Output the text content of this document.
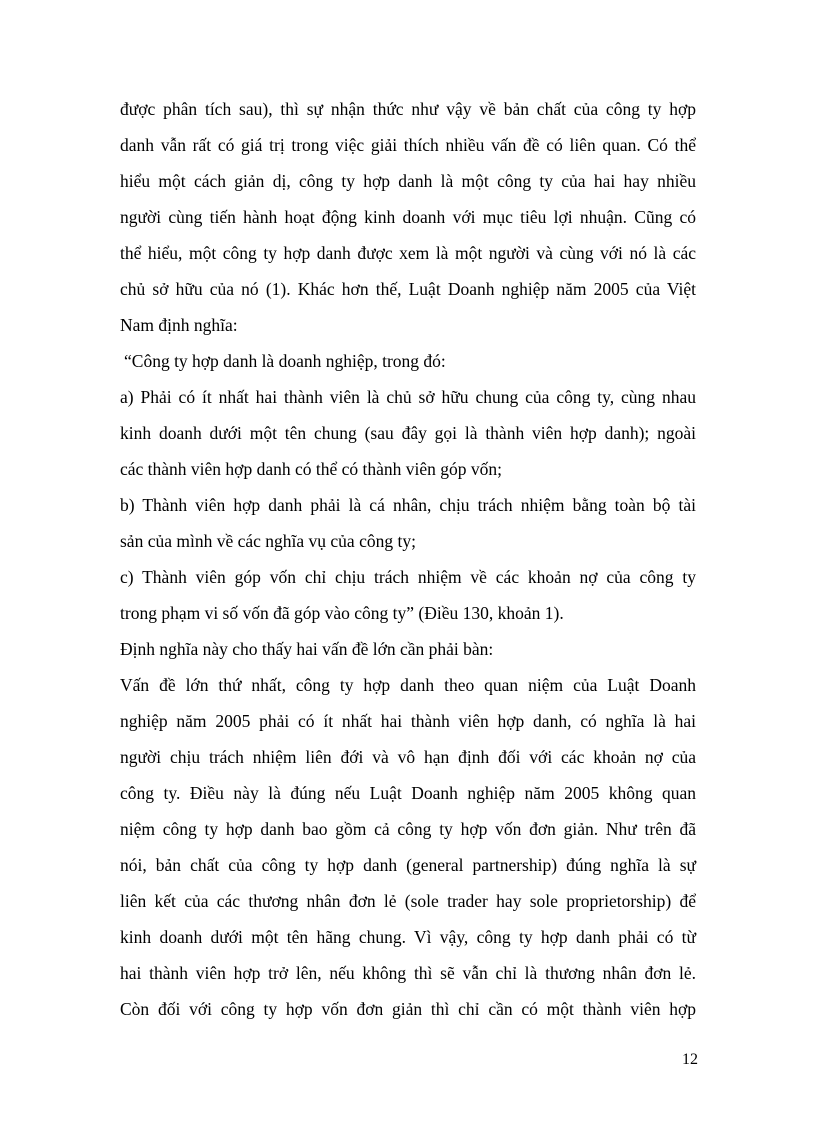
được phân tích sau), thì sự nhận thức như vậy về bản chất của công ty hợp
danh vẫn rất có giá trị trong việc giải thích nhiều vấn đề có liên quan. Có thể
hiểu một cách giản dị, công ty hợp danh là một công ty của hai hay nhiều
người cùng tiến hành hoạt động kinh doanh với mục tiêu lợi nhuận. Cũng có
thể hiểu, một công ty hợp danh được xem là một người và cùng với nó là các
chủ sở hữu của nó (1). Khác hơn thế, Luật Doanh nghiệp năm 2005 của Việt
Nam định nghĩa:
“Công ty hợp danh là doanh nghiệp, trong đó:
a) Phải có ít nhất hai thành viên là chủ sở hữu chung của công ty, cùng nhau
kinh doanh dưới một tên chung (sau đây gọi là thành viên hợp danh); ngoài
các thành viên hợp danh có thể có thành viên góp vốn;
b) Thành viên hợp danh phải là cá nhân, chịu trách nhiệm bằng toàn bộ tài
sản của mình về các nghĩa vụ của công ty;
c) Thành viên góp vốn chỉ chịu trách nhiệm về các khoản nợ của công ty
trong phạm vi số vốn đã góp vào công ty” (Điều 130, khoản 1).
Định nghĩa này cho thấy hai vấn đề lớn cần phải bàn:
Vấn đề lớn thứ nhất, công ty hợp danh theo quan niệm của Luật Doanh
nghiệp năm 2005 phải có ít nhất hai thành viên hợp danh, có nghĩa là hai
người chịu trách nhiệm liên đới và vô hạn định đối với các khoản nợ của
công ty. Điều này là đúng nếu Luật Doanh nghiệp năm 2005 không quan
niệm công ty hợp danh bao gồm cả công ty hợp vốn đơn giản. Như trên đã
nói, bản chất của công ty hợp danh (general partnership) đúng nghĩa là sự
liên kết của các thương nhân đơn lẻ (sole trader hay sole proprietorship) để
kinh doanh dưới một tên hãng chung. Vì vậy, công ty hợp danh phải có từ
hai thành viên hợp trở lên, nếu không thì sẽ vẫn chỉ là thương nhân đơn lẻ.
Còn đối với công ty hợp vốn đơn giản thì chỉ cần có một thành viên hợp
12
